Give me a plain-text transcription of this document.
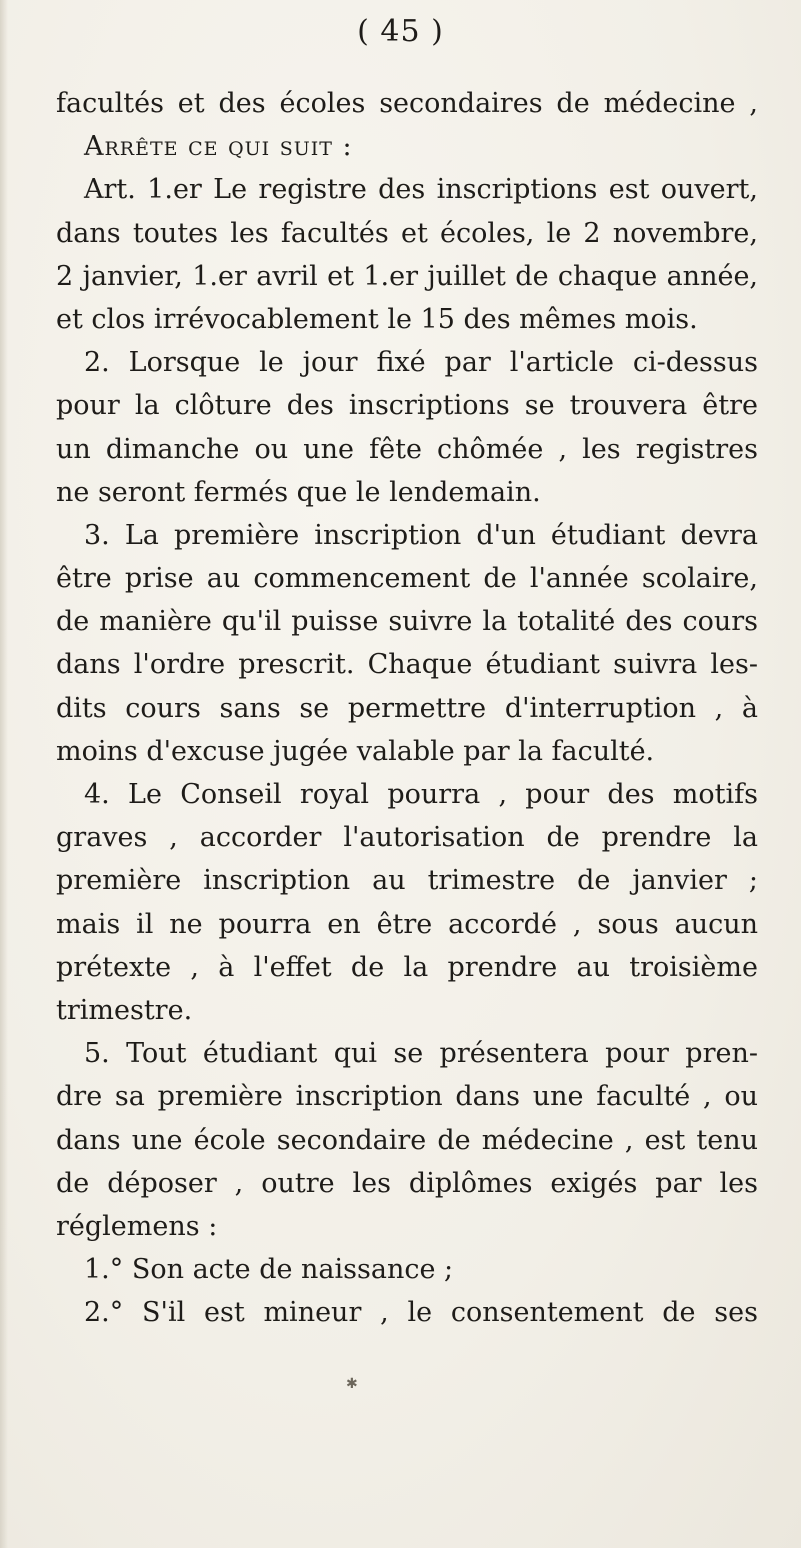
( 45 )
facultés et des écoles secondaires de médecine ,
Arrête ce qui suit :
Art. 1.er Le registre des inscriptions est ouvert,
dans toutes les facultés et écoles, le 2 novembre,
2 janvier, 1.er avril et 1.er juillet de chaque année,
et clos irrévocablement le 15 des mêmes mois.
2. Lorsque le jour fixé par l'article ci-dessus
pour la clôture des inscriptions se trouvera être
un dimanche ou une fête chômée , les registres
ne seront fermés que le lendemain.
3. La première inscription d'un étudiant devra
être prise au commencement de l'année scolaire,
de manière qu'il puisse suivre la totalité des cours
dans l'ordre prescrit. Chaque étudiant suivra les-
dits cours sans se permettre d'interruption , à
moins d'excuse jugée valable par la faculté.
4. Le Conseil royal pourra , pour des motifs
graves , accorder l'autorisation de prendre la
première inscription au trimestre de janvier ;
mais il ne pourra en être accordé , sous aucun
prétexte , à l'effet de la prendre au troisième
trimestre.
5. Tout étudiant qui se présentera pour pren-
dre sa première inscription dans une faculté , ou
dans une école secondaire de médecine , est tenu
de déposer , outre les diplômes exigés par les
réglemens :
1.° Son acte de naissance ;
2.° S'il est mineur , le consentement de ses
✱
